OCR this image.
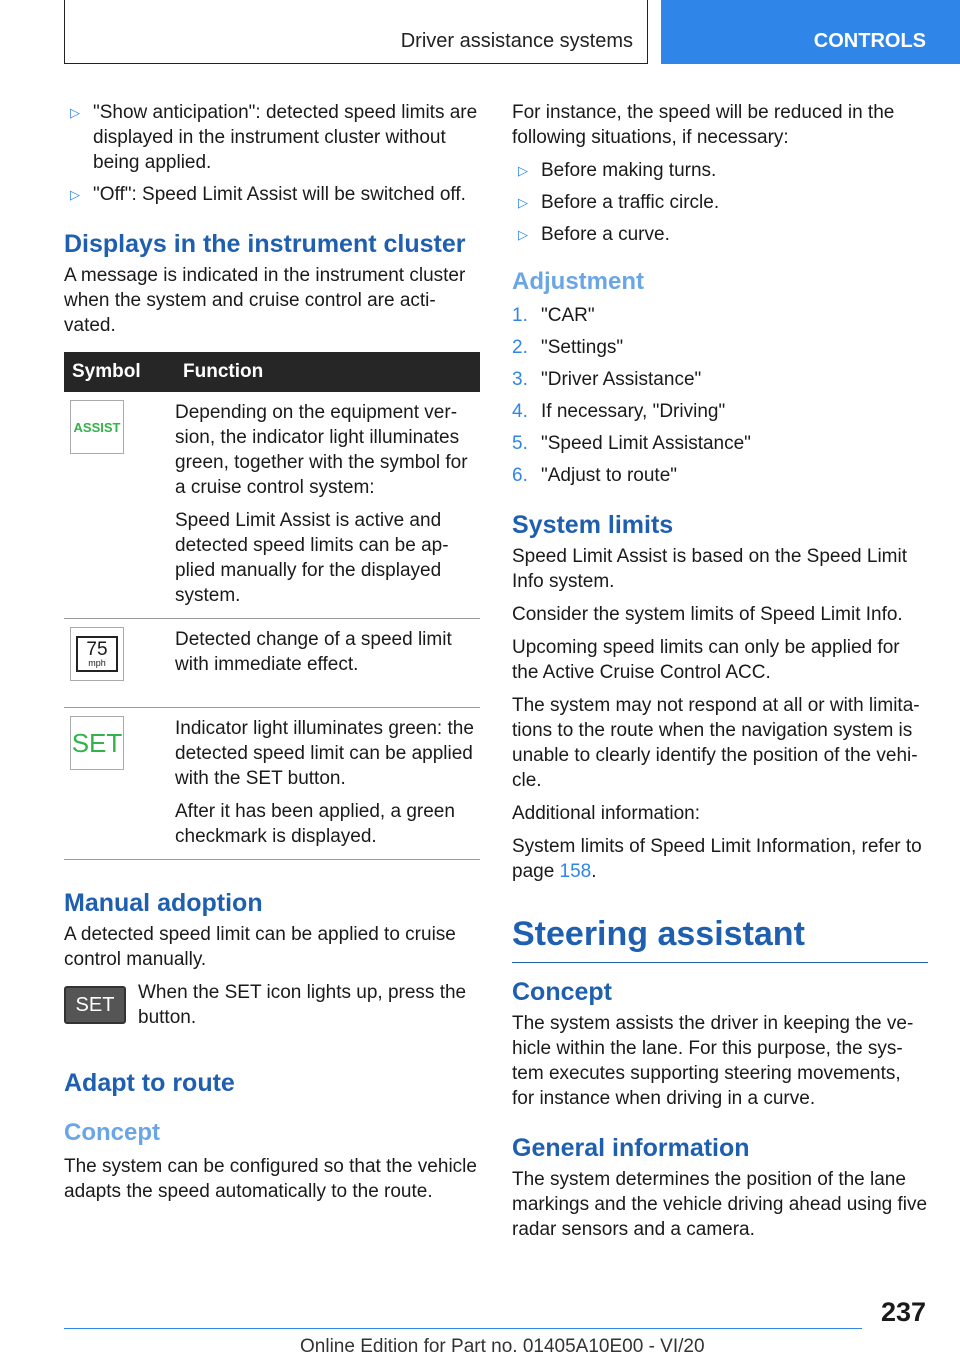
Driver assistance systems	CONTROLS
▷ "Show anticipation": detected speed limits are displayed in the instrument cluster without being applied.
▷ "Off": Speed Limit Assist will be switched off.
Displays in the instrument cluster

A message is indicated in the instrument cluster when the system and cruise control are activated.

Symbol	Function

ASSIST	Depending on the equipment version, the indicator light illuminates green, together with the symbol for a cruise control system:

Speed Limit Assist is active and detected speed limits can be applied manually for the displayed system.

75
mph	Detected change of a speed limit with immediate effect.

SET	Indicator light illuminates green: the detected speed limit can be applied with the SET button.

After it has been applied, a green checkmark is displayed.

Manual adoption

A detected speed limit can be applied to cruise control manually.

SET

When the SET icon lights up, press the button.

Adapt to route
Concept

The system can be configured so that the vehicle adapts the speed automatically to the route.

For instance, the speed will be reduced in the following situations, if necessary:

▷ Before making turns.
▷ Before a traffic circle.
▷ Before a curve.
Adjustment
1. "CAR"
2. "Settings"
3. "Driver Assistance"
4. If necessary, "Driving"
5. "Speed Limit Assistance"
6. "Adjust to route"
System limits

Speed Limit Assist is based on the Speed Limit Info system.

Consider the system limits of Speed Limit Info.

Upcoming speed limits can only be applied for the Active Cruise Control ACC.

The system may not respond at all or with limitations to the route when the navigation system is unable to clearly identify the position of the vehicle.

Additional information:

System limits of Speed Limit Information, refer to page 158.

Steering assistant
Concept

The system assists the driver in keeping the vehicle within the lane. For this purpose, the system executes supporting steering movements, for instance when driving in a curve.

General information

The system determines the position of the lane markings and the vehicle driving ahead using five radar sensors and a camera.

237
Online Edition for Part no. 01405A10E00 - VI/20
